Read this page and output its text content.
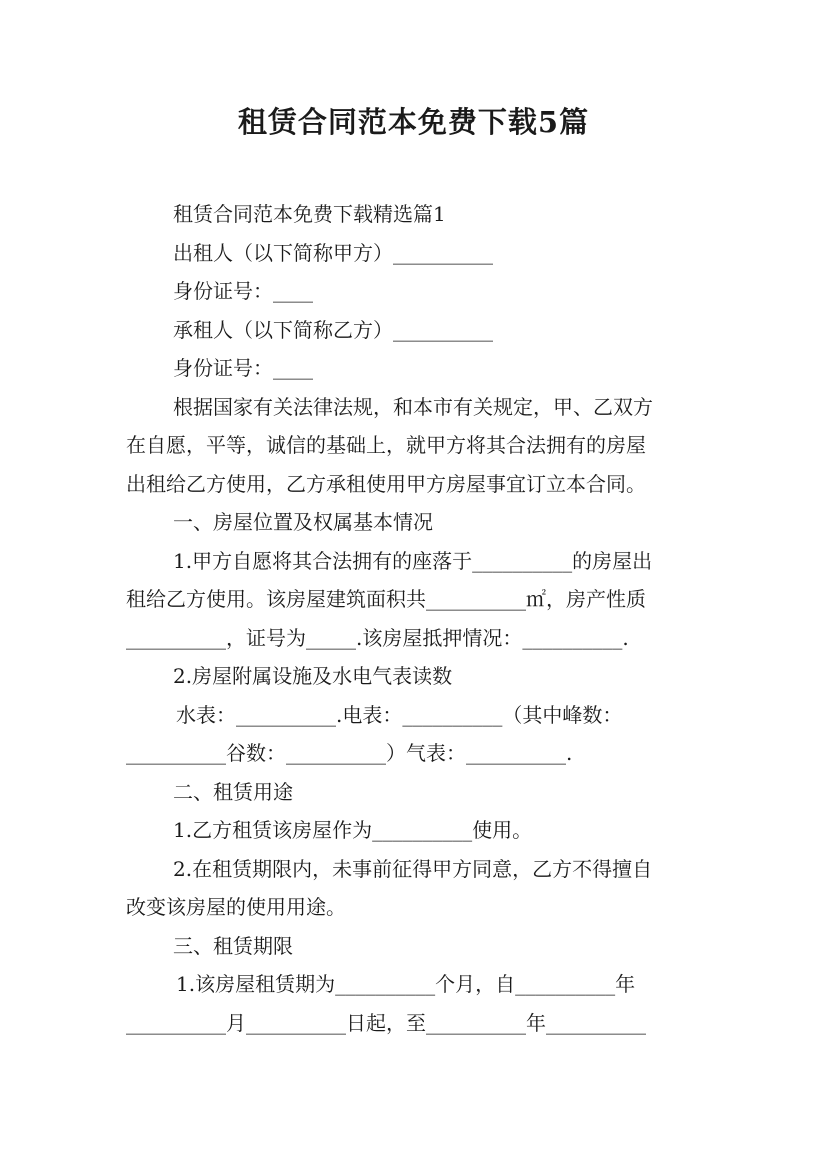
租赁合同范本免费下载5篇
租赁合同范本免费下载精选篇1
出租人（以下简称甲方）__________
身份证号：____
承租人（以下简称乙方）__________
身份证号：____
根据国家有关法律法规，和本市有关规定，甲、乙双方
在自愿，平等，诚信的基础上，就甲方将其合法拥有的房屋
出租给乙方使用，乙方承租使用甲方房屋事宜订立本合同。
一、房屋位置及权属基本情况
1.甲方自愿将其合法拥有的座落于__________的房屋出
租给乙方使用。该房屋建筑面积共__________㎡，房产性质
__________，证号为_____.该房屋抵押情况：__________.
2.房屋附属设施及水电气表读数
水表：__________.电表：__________（其中峰数：
__________谷数：__________）气表：__________.
二、租赁用途
1.乙方租赁该房屋作为__________使用。
2.在租赁期限内，未事前征得甲方同意，乙方不得擅自
改变该房屋的使用用途。
三、租赁期限
1.该房屋租赁期为__________个月，自__________年
__________月__________日起，至__________年__________
